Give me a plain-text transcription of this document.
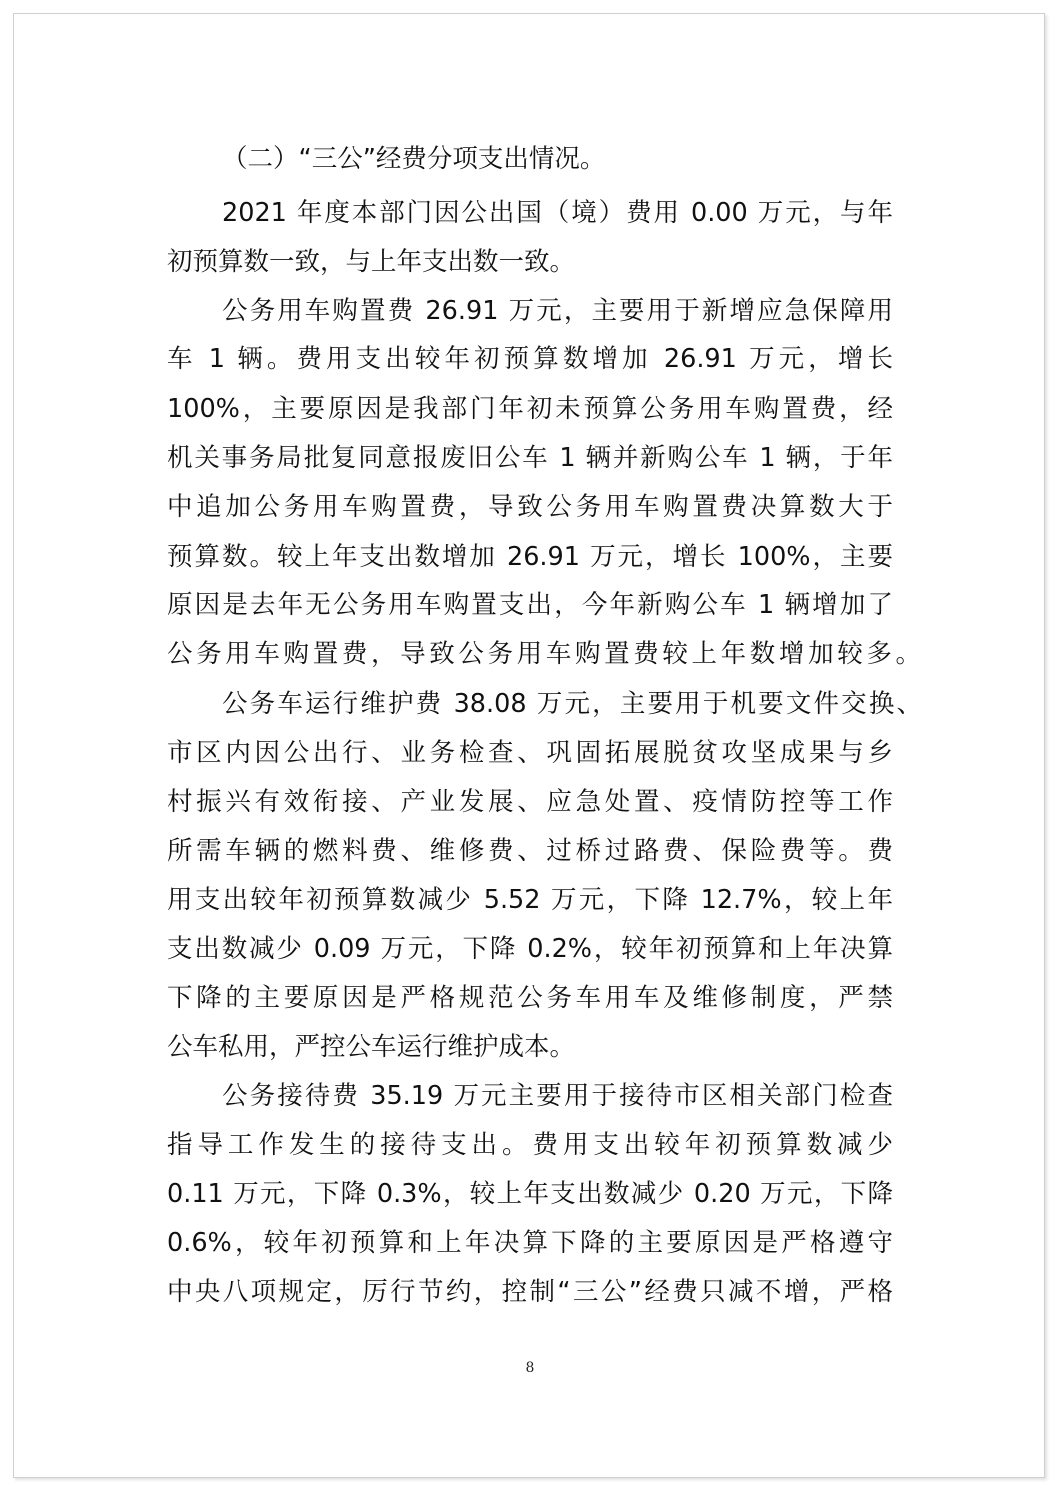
（二）“三公”经费分项支出情况。

2021 年度本部门因公出国（境）费用 0.00 万元，与年

初预算数一致，与上年支出数一致。

公务用车购置费 26.91 万元，主要用于新增应急保障用

车 1 辆。费用支出较年初预算数增加 26.91 万元，增长

100%，主要原因是我部门年初未预算公务用车购置费，经

机关事务局批复同意报废旧公车 1 辆并新购公车 1 辆，于年

中追加公务用车购置费，导致公务用车购置费决算数大于

预算数。较上年支出数增加 26.91 万元，增长 100%，主要

原因是去年无公务用车购置支出，今年新购公车 1 辆增加了

公务用车购置费，导致公务用车购置费较上年数增加较多。

公务车运行维护费 38.08 万元，主要用于机要文件交换、

市区内因公出行、业务检查、巩固拓展脱贫攻坚成果与乡

村振兴有效衔接、产业发展、应急处置、疫情防控等工作

所需车辆的燃料费、维修费、过桥过路费、保险费等。费

用支出较年初预算数减少 5.52 万元，下降 12.7%，较上年

支出数减少 0.09 万元，下降 0.2%，较年初预算和上年决算

下降的主要原因是严格规范公务车用车及维修制度，严禁

公车私用，严控公车运行维护成本。

公务接待费 35.19 万元主要用于接待市区相关部门检查

指导工作发生的接待支出。费用支出较年初预算数减少

0.11 万元，下降 0.3%，较上年支出数减少 0.20 万元，下降

0.6%，较年初预算和上年决算下降的主要原因是严格遵守

中央八项规定，厉行节约，控制“三公”经费只减不增，严格

8
